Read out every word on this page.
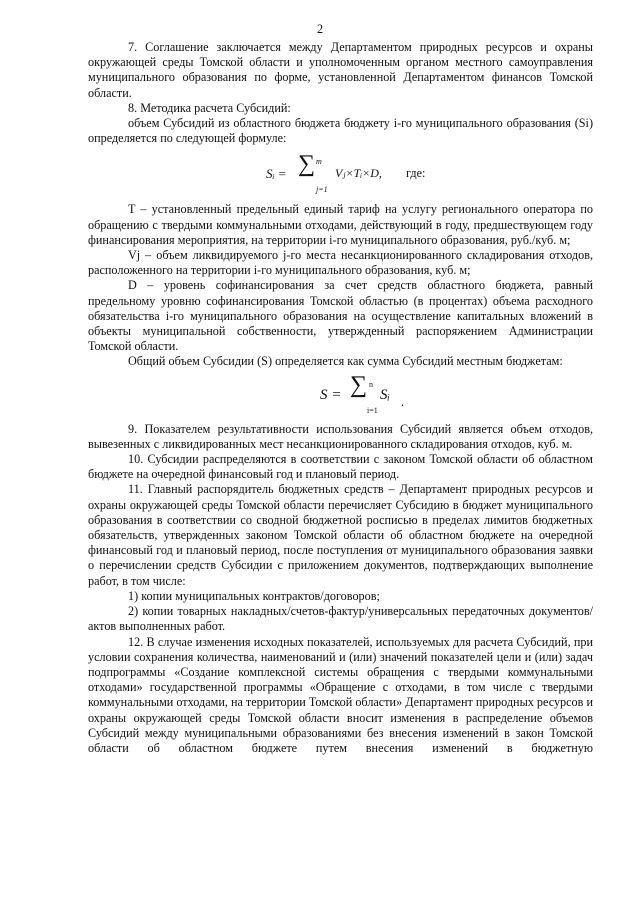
2

7. Соглашение заключается между Департаментом природных ресурсов и охраны окружающей среды Томской области и уполномоченным органом местного самоуправления муниципального образования по форме, установленной Департаментом финансов Томской области.

8. Методика расчета Субсидий:

объем Субсидий из областного бюджета бюджету i-го муниципального образования (Si) определяется по следующей формуле:

Sᵢ = ∑ m
j=1
Vⱼ×Tᵢ×D, где:

T – установленный предельный единый тариф на услугу регионального оператора по обращению с твердыми коммунальными отходами, действующий в году, предшествующем году финансирования мероприятия, на территории i-го муниципального образования, руб./куб. м;

Vj – объем ликвидируемого j-го места несанкционированного складирования отходов, расположенного на территории i-го муниципального образования, куб. м;

D – уровень софинансирования за счет средств областного бюджета, равный предельному уровню софинансирования Томской областью (в процентах) объема расходного обязательства i-го муниципального образования на осуществление капитальных вложений в объекты муниципальной собственности, утвержденный распоряжением Администрации Томской области.

Общий объем Субсидии (S) определяется как сумма Субсидий местным бюджетам:

S = ∑ n
i=1
Sᵢ .

9. Показателем результативности использования Субсидий является объем отходов, вывезенных с ликвидированных мест несанкционированного складирования отходов, куб. м.

10. Субсидии распределяются в соответствии с законом Томской области об областном бюджете на очередной финансовый год и плановый период.

11. Главный распорядитель бюджетных средств – Департамент природных ресурсов и охраны окружающей среды Томской области перечисляет Субсидию в бюджет муниципального образования в соответствии со сводной бюджетной росписью в пределах лимитов бюджетных обязательств, утвержденных законом Томской области об областном бюджете на очередной финансовый год и плановый период, после поступления от муниципального образования заявки о перечислении средств Субсидии с приложением документов, подтверждающих выполнение работ, в том числе:

1) копии муниципальных контрактов/договоров;

2) копии товарных накладных/счетов-фактур/универсальных передаточных документов/актов выполненных работ.

12. В случае изменения исходных показателей, используемых для расчета Субсидий, при условии сохранения количества, наименований и (или) значений показателей цели и (или) задач подпрограммы «Создание комплексной системы обращения с твердыми коммунальными отходами» государственной программы «Обращение с отходами, в том числе с твердыми коммунальными отходами, на территории Томской области» Департамент природных ресурсов и охраны окружающей среды Томской области вносит изменения в распределение объемов Субсидий между муниципальными образованиями без внесения изменений в закон Томской области об областном бюджете путем внесения изменений в бюджетную
